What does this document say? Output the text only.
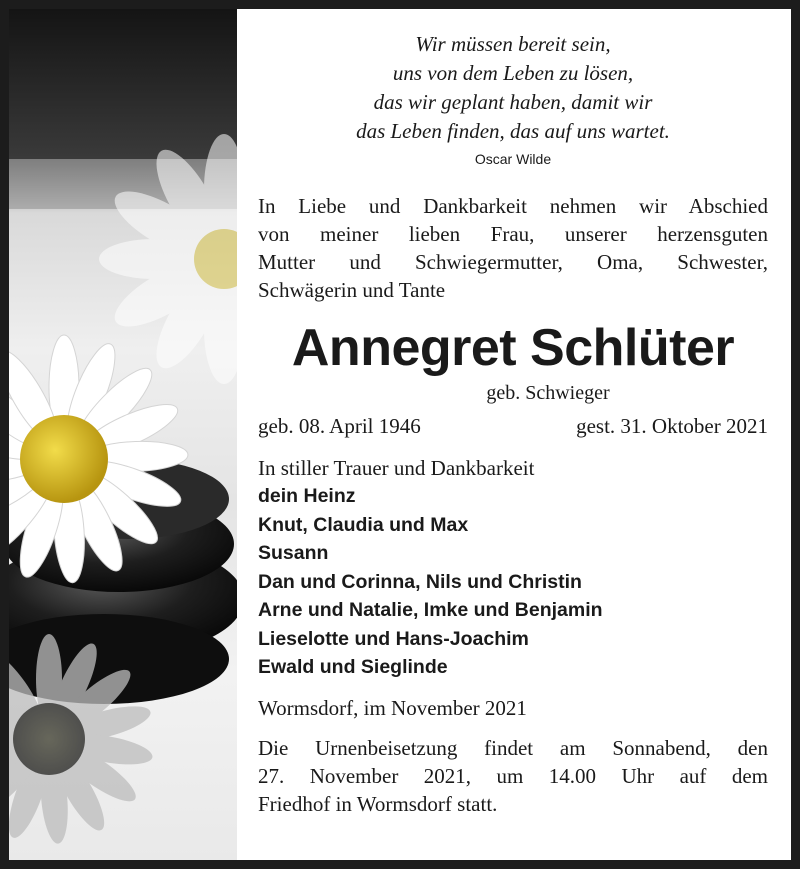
Wir müssen bereit sein,
uns von dem Leben zu lösen,
das wir geplant haben, damit wir
das Leben finden, das auf uns wartet.
Oscar Wilde
In Liebe und Dankbarkeit nehmen wir Abschied
von meiner lieben Frau, unserer herzensguten
Mutter und Schwiegermutter, Oma, Schwester,
Schwägerin und Tante
Annegret Schlüter
geb. Schwieger
geb. 08. April 1946	gest. 31. Oktober 2021
In stiller Trauer und Dankbarkeit
dein Heinz
Knut, Claudia und Max
Susann
Dan und Corinna, Nils und Christin
Arne und Natalie, Imke und Benjamin
Lieselotte und Hans-Joachim
Ewald und Sieglinde
Wormsdorf, im November 2021
Die Urnenbeisetzung findet am Sonnabend, den
27. November 2021, um 14.00 Uhr auf dem
Friedhof in Wormsdorf statt.
